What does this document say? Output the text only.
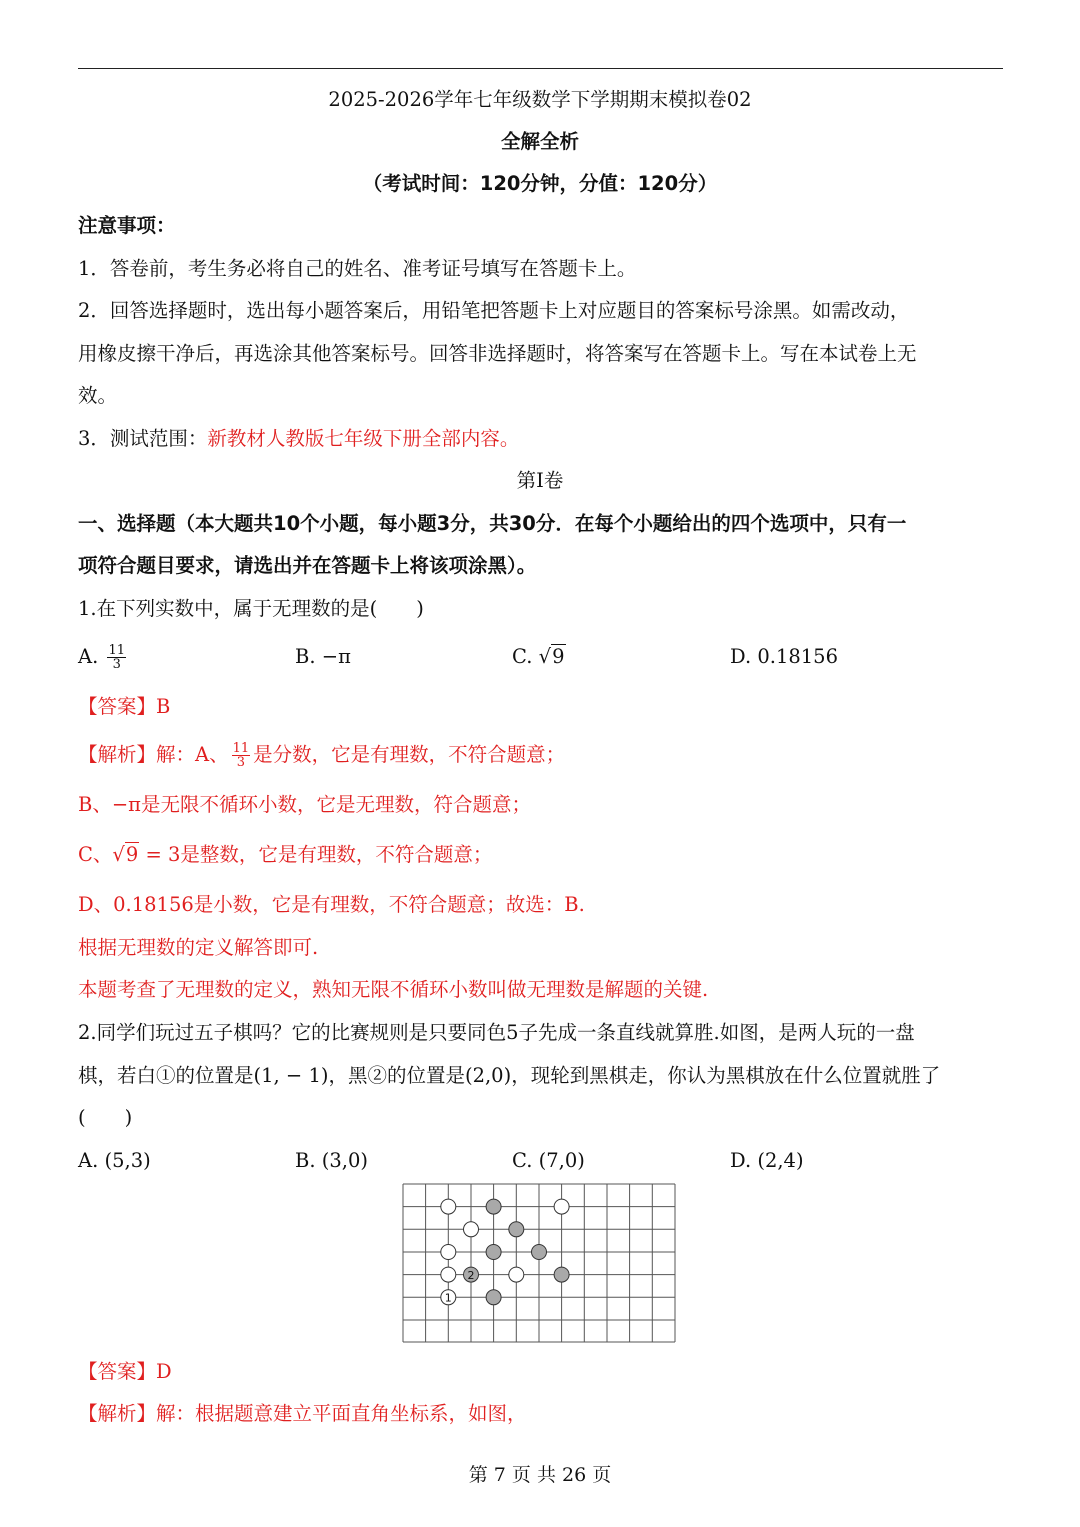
2025-2026学年七年级数学下学期期末模拟卷02
全解全析
（考试时间：120分钟，分值：120分）
注意事项：
1．答卷前，考生务必将自己的姓名、准考证号填写在答题卡上。
2．回答选择题时，选出每小题答案后，用铅笔把答题卡上对应题目的答案标号涂黑。如需改动，
用橡皮擦干净后，再选涂其他答案标号。回答非选择题时，将答案写在答题卡上。写在本试卷上无
效。
3．测试范围：新教材人教版七年级下册全部内容。
第Ⅰ卷
一、选择题（本大题共10个小题，每小题3分，共30分．在每个小题给出的四个选项中，只有一
项符合题目要求，请选出并在答题卡上将该项涂黑）。
1.在下列实数中，属于无理数的是(　　)
A. $\frac{11}{3}$	B. −π	C. √9	D. 0.18156
【答案】B
【解析】解：A、 $\frac{11}{3}$ 是分数，它是有理数，不符合题意；
B、−π是无限不循环小数，它是无理数，符合题意；
C、√9 = 3是整数，它是有理数，不符合题意；
D、0.18156是小数，它是有理数，不符合题意；故选：B.
根据无理数的定义解答即可.
本题考查了无理数的定义，熟知无限不循环小数叫做无理数是解题的关键.
2.同学们玩过五子棋吗？它的比赛规则是只要同色5子先成一条直线就算胜.如图，是两人玩的一盘
棋，若白①的位置是(1, − 1)，黑②的位置是(2,0)，现轮到黑棋走，你认为黑棋放在什么位置就胜了
(　　)
A. (5,3)	B. (3,0)	C. (7,0)	D. (2,4)
2
1
【答案】D
【解析】解：根据题意建立平面直角坐标系，如图，
第 7 页 共 26 页
